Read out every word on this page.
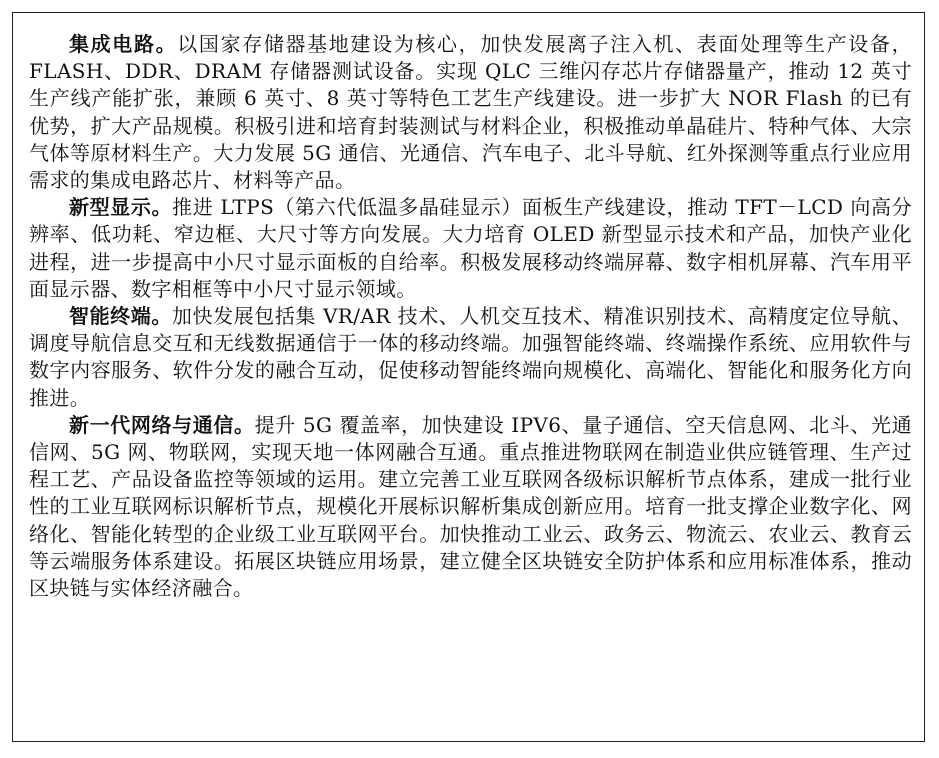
集成电路。以国家存储器基地建设为核心，加快发展离子注入机、表面处理等生产设备，FLASH、DDR、DRAM 存储器测试设备。实现 QLC 三维闪存芯片存储器量产，推动 12 英寸生产线产能扩张，兼顾 6 英寸、8 英寸等特色工艺生产线建设。进一步扩大 NOR Flash 的已有优势，扩大产品规模。积极引进和培育封装测试与材料企业，积极推动单晶硅片、特种气体、大宗气体等原材料生产。大力发展 5G 通信、光通信、汽车电子、北斗导航、红外探测等重点行业应用需求的集成电路芯片、材料等产品。

新型显示。推进 LTPS（第六代低温多晶硅显示）面板生产线建设，推动 TFT－LCD 向高分辨率、低功耗、窄边框、大尺寸等方向发展。大力培育 OLED 新型显示技术和产品，加快产业化进程，进一步提高中小尺寸显示面板的自给率。积极发展移动终端屏幕、数字相机屏幕、汽车用平面显示器、数字相框等中小尺寸显示领域。

智能终端。加快发展包括集 VR/AR 技术、人机交互技术、精准识别技术、高精度定位导航、调度导航信息交互和无线数据通信于一体的移动终端。加强智能终端、终端操作系统、应用软件与数字内容服务、软件分发的融合互动，促使移动智能终端向规模化、高端化、智能化和服务化方向推进。

新一代网络与通信。提升 5G 覆盖率，加快建设 IPV6、量子通信、空天信息网、北斗、光通信网、5G 网、物联网，实现天地一体网融合互通。重点推进物联网在制造业供应链管理、生产过程工艺、产品设备监控等领域的运用。建立完善工业互联网各级标识解析节点体系，建成一批行业性的工业互联网标识解析节点，规模化开展标识解析集成创新应用。培育一批支撑企业数字化、网络化、智能化转型的企业级工业互联网平台。加快推动工业云、政务云、物流云、农业云、教育云等云端服务体系建设。拓展区块链应用场景，建立健全区块链安全防护体系和应用标准体系，推动区块链与实体经济融合。
